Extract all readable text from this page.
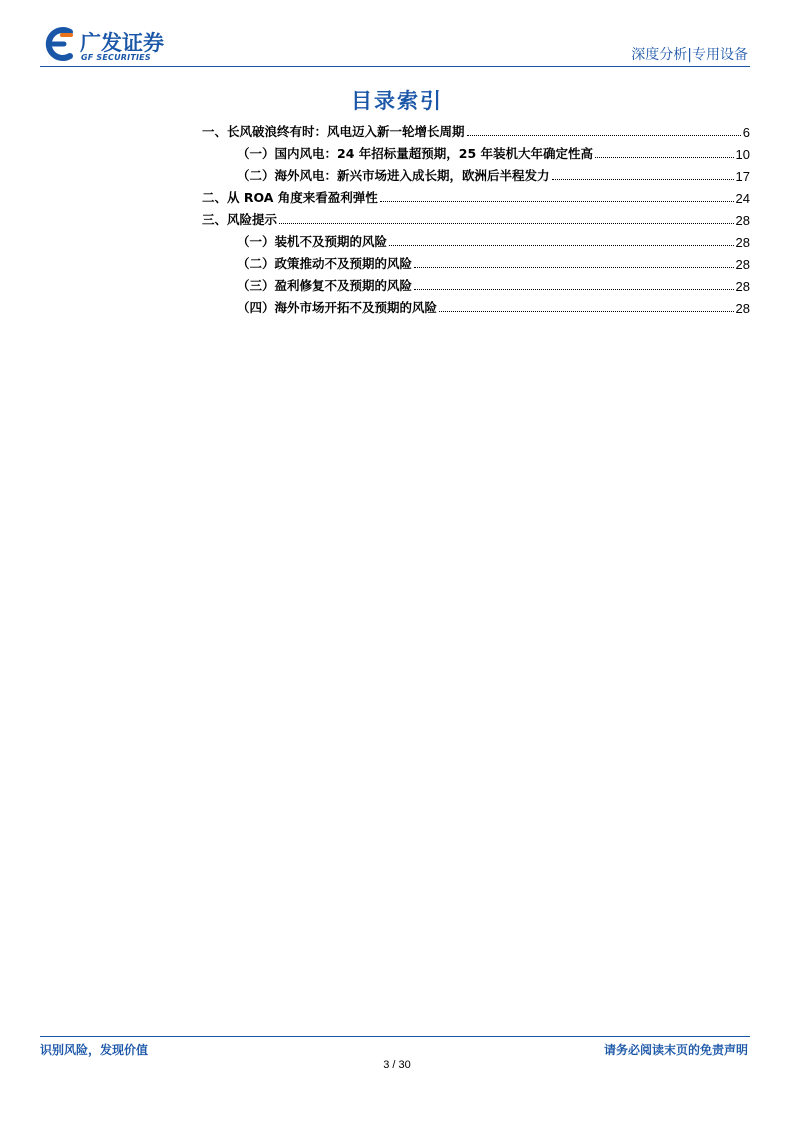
广发证券
GF SECURITIES	深度分析|专用设备
目录索引
一、长风破浪终有时：风电迈入新一轮增长周期	6
（一）国内风电：24 年招标量超预期，25 年装机大年确定性高	10
（二）海外风电：新兴市场进入成长期，欧洲后半程发力	17
二、从 ROA 角度来看盈利弹性	24
三、风险提示	28
（一）装机不及预期的风险	28
（二）政策推动不及预期的风险	28
（三）盈利修复不及预期的风险	28
（四）海外市场开拓不及预期的风险	28
识别风险，发现价值	请务必阅读末页的免责声明
3 / 30
